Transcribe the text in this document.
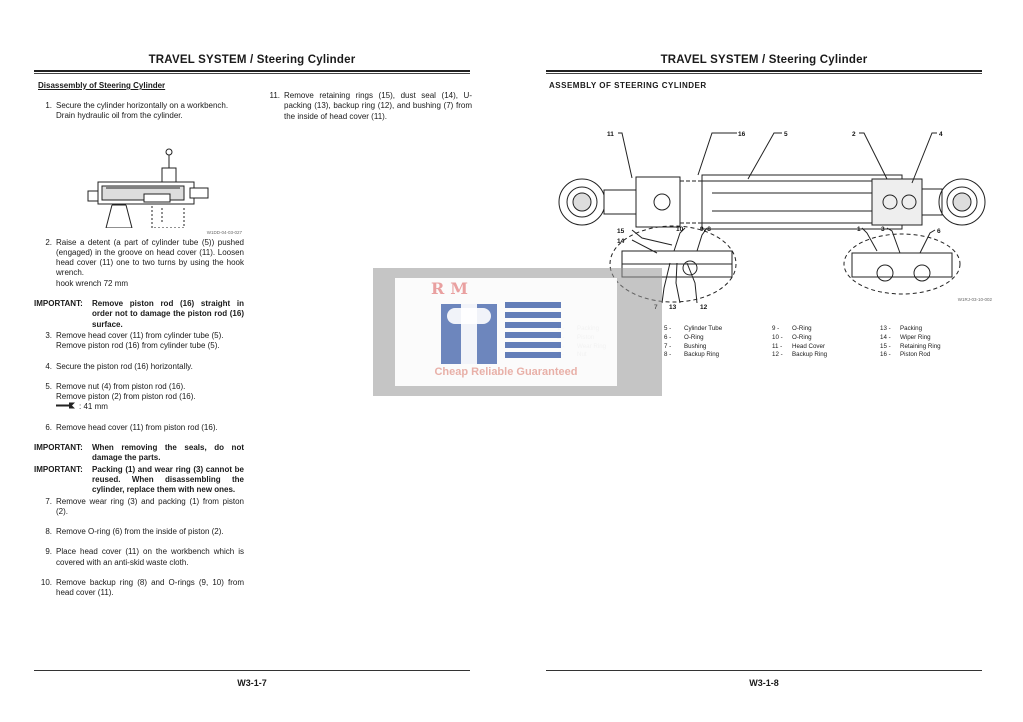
TRAVEL SYSTEM / Steering Cylinder
Disassembly of Steering Cylinder
1. Secure the cylinder horizontally on a workbench.
Drain hydraulic oil from the cylinder.
W1DD-04-03-027
2. Raise a detent (a part of cylinder tube (5)) pushed (engaged) in the groove on head cover (11). Loosen head cover (11) one to two turns by using the hook wrench.
hook wrench 72 mm
IMPORTANT:	Remove piston rod (16) straight in order not to damage the piston rod (16) surface.
3. Remove head cover (11) from cylinder tube (5).
Remove piston rod (16) from cylinder tube (5).
4. Secure the piston rod (16) horizontally.
5. Remove nut (4) from piston rod (16).
Remove piston (2) from piston rod (16).
: 41 mm
6. Remove head cover (11) from piston rod (16).
IMPORTANT:	When removing the seals, do not damage the parts.
IMPORTANT:	Packing (1) and wear ring (3) cannot be reused. When disassembling the cylinder, replace them with new ones.
7. Remove wear ring (3) and packing (1) from piston (2).
8. Remove O-ring (6) from the inside of piston (2).
9. Place head cover (11) on the workbench which is covered with an anti-skid waste cloth.
10. Remove backup ring (8) and O-rings (9, 10) from head cover (11).
11. Remove retaining rings (15), dust seal (14), U-packing (13), backup ring (12), and bushing (7) from the inside of head cover (11).
W3-1-7
TRAVEL SYSTEM / Steering Cylinder
ASSEMBLY OF STEERING CYLINDER
11	16	5	2	4
15
14
10	9, 8	1	3	6
13	12
W1RJ-03-10-002
5 - Cylinder Tube
6 - O-Ring
7 - Bushing
8 - Backup Ring
9 - O-Ring
10 - O-Ring
11 - Head Cover
12 - Backup Ring
13 - Packing
14 - Wiper Ring
15 - Retaining Ring
16 - Piston Rod
W3-1-8
RM
Cheap Reliable Guaranteed
